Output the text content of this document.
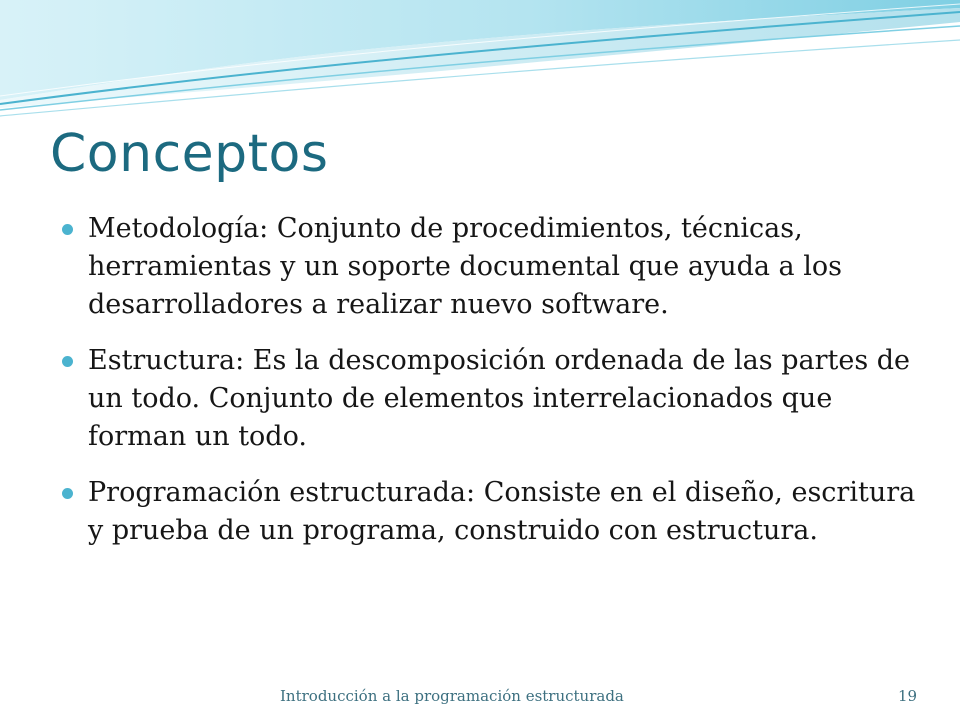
Conceptos
Metodología: Conjunto de procedimientos, técnicas, herramientas y un soporte documental que ayuda a los desarrolladores a realizar nuevo software.
Estructura: Es la descomposición ordenada de las partes de un todo. Conjunto de elementos interrelacionados que forman un todo.
Programación estructurada: Consiste en el diseño, escritura y prueba de un programa, construido con estructura.
Introducción a la programación estructurada	19
